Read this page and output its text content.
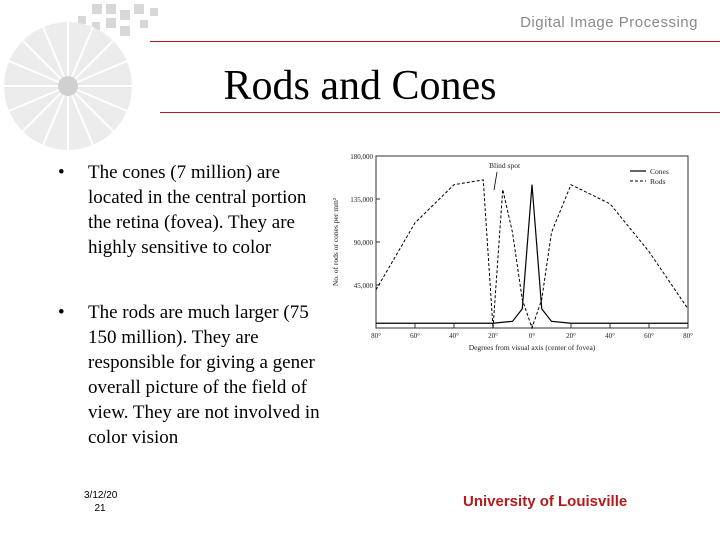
Digital Image Processing
Rods and Cones
• The cones (7 million) are located in the central portion the retina (fovea). They are highly sensitive to color
• The rods are much larger (75 150 million). They are responsible for giving a gener overall picture of the field of view. They are not involved in color vision
180,000
135,000
90,000
45,000
80°	60°	40°	20°	0°	20°	40°	60°	80°
Degrees from visual axis (center of fovea)
No. of rods or cones per mm²
Blind spot
Cones
Rods
3/12/20
21	University of Louisville
